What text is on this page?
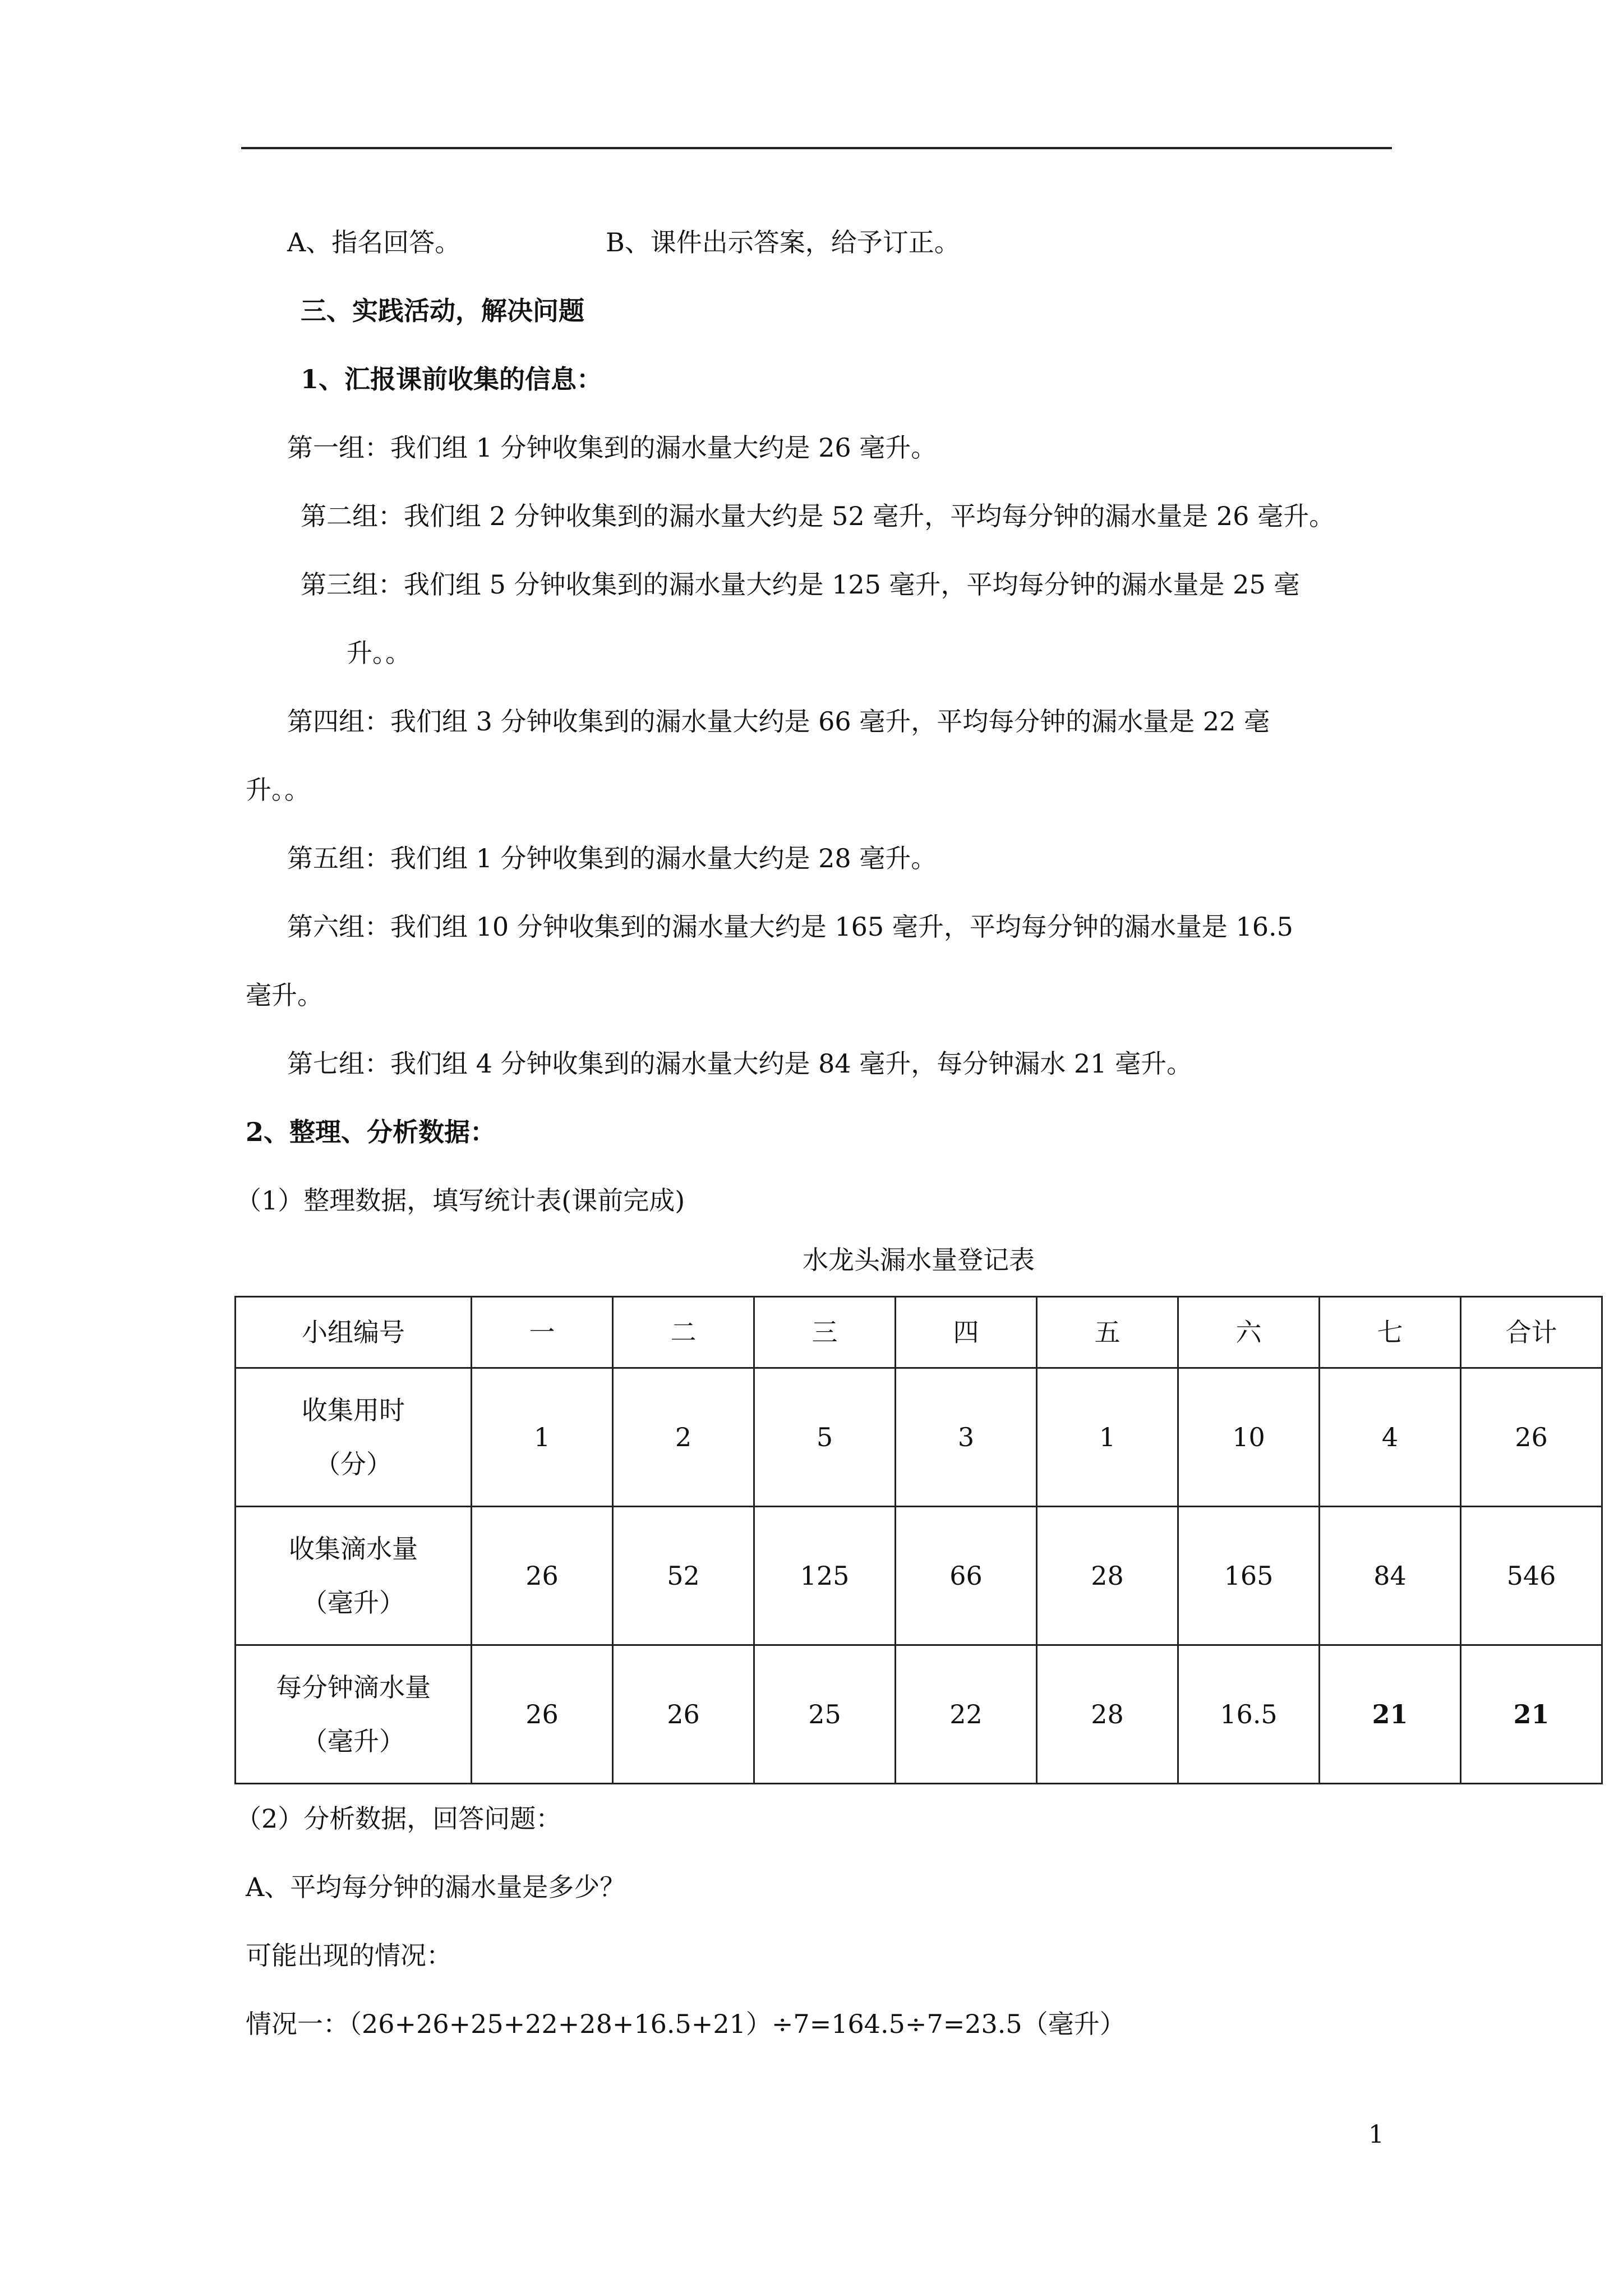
A、指名回答。	B、课件出示答案，给予订正。
三、实践活动，解决问题
1、汇报课前收集的信息：
第一组：我们组 1 分钟收集到的漏水量大约是 26 毫升。
第二组：我们组 2 分钟收集到的漏水量大约是 52 毫升，平均每分钟的漏水量是 26 毫升。
第三组：我们组 5 分钟收集到的漏水量大约是 125 毫升，平均每分钟的漏水量是 25 毫
升。。
第四组：我们组 3 分钟收集到的漏水量大约是 66 毫升，平均每分钟的漏水量是 22 毫
升。。
第五组：我们组 1 分钟收集到的漏水量大约是 28 毫升。
第六组：我们组 10 分钟收集到的漏水量大约是 165 毫升，平均每分钟的漏水量是 16.5
毫升。
第七组：我们组 4 分钟收集到的漏水量大约是 84 毫升，每分钟漏水 21 毫升。
2、整理、分析数据：
（1）整理数据，填写统计表(课前完成)
水龙头漏水量登记表
小组编号	一	二	三	四	五	六	七	合计

收集用时
（分）	1	2	5	3	1	10	4	26

收集滴水量
（毫升）	26	52	125	66	28	165	84	546

每分钟滴水量
（毫升）	26	26	25	22	28	16.5	21	21
（2）分析数据，回答问题：
A、平均每分钟的漏水量是多少？
可能出现的情况：
情况一：（26+26+25+22+28+16.5+21）÷7=164.5÷7=23.5（毫升）
1
